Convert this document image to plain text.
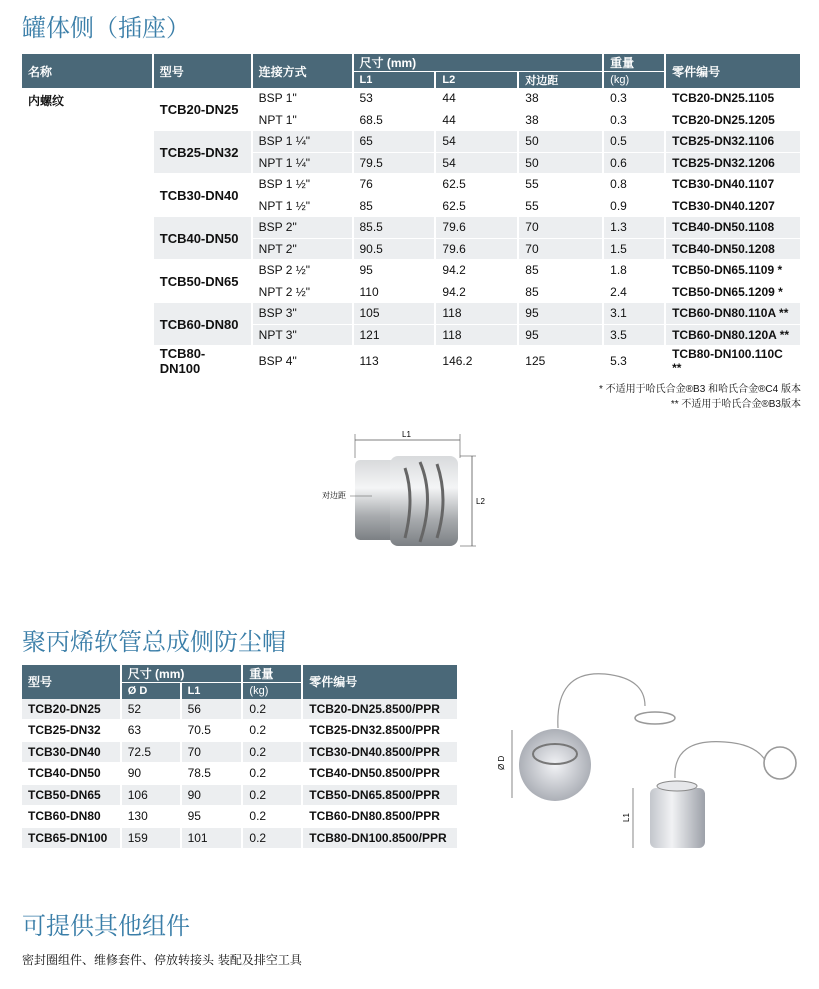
罐体侧（插座）
名称	型号	连接方式	尺寸 (mm)			重量	零件编号
			L1	L2	对边距	(kg)	
内螺纹	TCB20-DN25	BSP 1"	53	44	38	0.3	TCB20-DN25.1105
		NPT 1"	68.5	44	38	0.3	TCB20-DN25.1205
	TCB25-DN32	BSP 1 ¼"	65	54	50	0.5	TCB25-DN32.1106
		NPT 1 ¼"	79.5	54	50	0.6	TCB25-DN32.1206
	TCB30-DN40	BSP 1 ½"	76	62.5	55	0.8	TCB30-DN40.1107
		NPT 1 ½"	85	62.5	55	0.9	TCB30-DN40.1207
	TCB40-DN50	BSP 2"	85.5	79.6	70	1.3	TCB40-DN50.1108
		NPT 2"	90.5	79.6	70	1.5	TCB40-DN50.1208
	TCB50-DN65	BSP 2 ½"	95	94.2	85	1.8	TCB50-DN65.1109 *
		NPT 2 ½"	110	94.2	85	2.4	TCB50-DN65.1209 *
	TCB60-DN80	BSP 3"	105	118	95	3.1	TCB60-DN80.110A **
		NPT 3"	121	118	95	3.5	TCB60-DN80.120A **
	TCB80-DN100	BSP 4"	113	146.2	125	5.3	TCB80-DN100.110C **
* 不适用于哈氏合金®B3 和哈氏合金®C4 版本
** 不适用于哈氏合金®B3版本
L1
L2
对边距
聚丙烯软管总成侧防尘帽
型号	尺寸 (mm)		重量	零件编号
	Ø D	L1	(kg)	
TCB20-DN25	52	56	0.2	TCB20-DN25.8500/PPR
TCB25-DN32	63	70.5	0.2	TCB25-DN32.8500/PPR
TCB30-DN40	72.5	70	0.2	TCB30-DN40.8500/PPR
TCB40-DN50	90	78.5	0.2	TCB40-DN50.8500/PPR
TCB50-DN65	106	90	0.2	TCB50-DN65.8500/PPR
TCB60-DN80	130	95	0.2	TCB60-DN80.8500/PPR
TCB65-DN100	159	101	0.2	TCB80-DN100.8500/PPR
Ø D
L1
可提供其他组件
密封圈组件、维修套件、停放转接头 装配及排空工具
